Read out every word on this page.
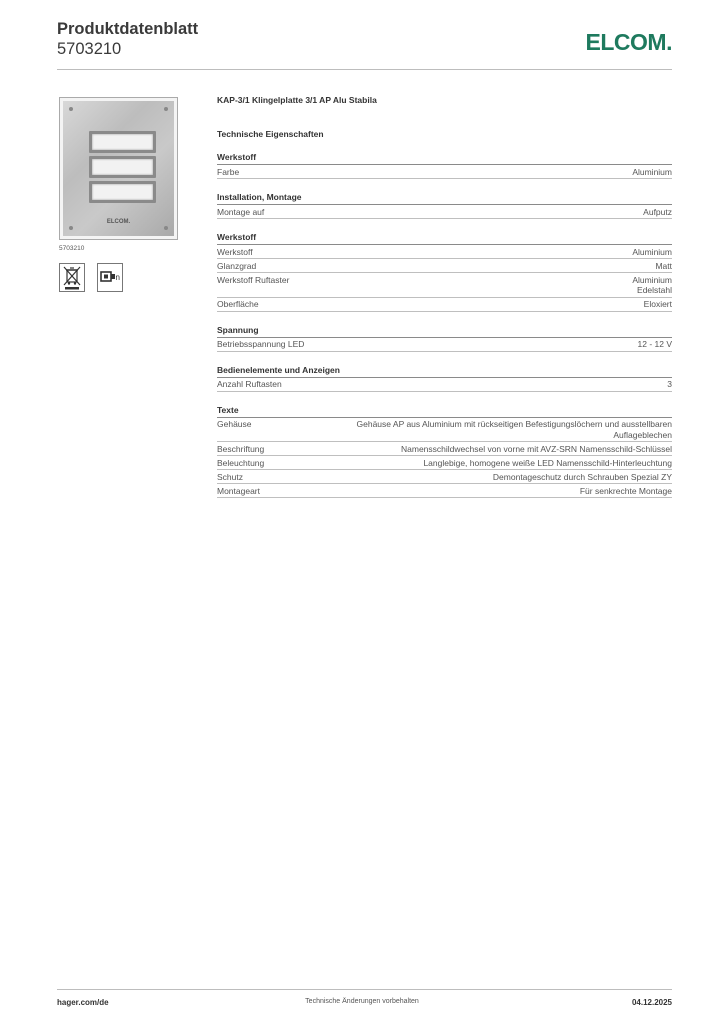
Produktdatenblatt
5703210	ELCOM.
ELCOM.
5703210
n
KAP-3/1 Klingelplatte 3/1 AP Alu Stabila
Technische Eigenschaften
Werkstoff
Farbe	Aluminium
Installation, Montage
Montage auf	Aufputz
Werkstoff
Werkstoff	Aluminium
Glanzgrad	Matt
Werkstoff Ruftaster	Aluminium
Edelstahl
Oberfläche	Eloxiert
Spannung
Betriebsspannung LED	12 - 12 V
Bedienelemente und Anzeigen
Anzahl Ruftasten	3
Texte
Gehäuse	Gehäuse AP aus Aluminium mit rückseitigen Befestigungslöchern und ausstellbaren Auflageblechen
Beschriftung	Namensschildwechsel von vorne mit AVZ-SRN Namensschild-Schlüssel
Beleuchtung	Langlebige, homogene weiße LED Namensschild-Hinterleuchtung
Schutz	Demontageschutz durch Schrauben Spezial ZY
Montageart	Für senkrechte Montage
hager.com/de	Technische Änderungen vorbehalten	04.12.2025
